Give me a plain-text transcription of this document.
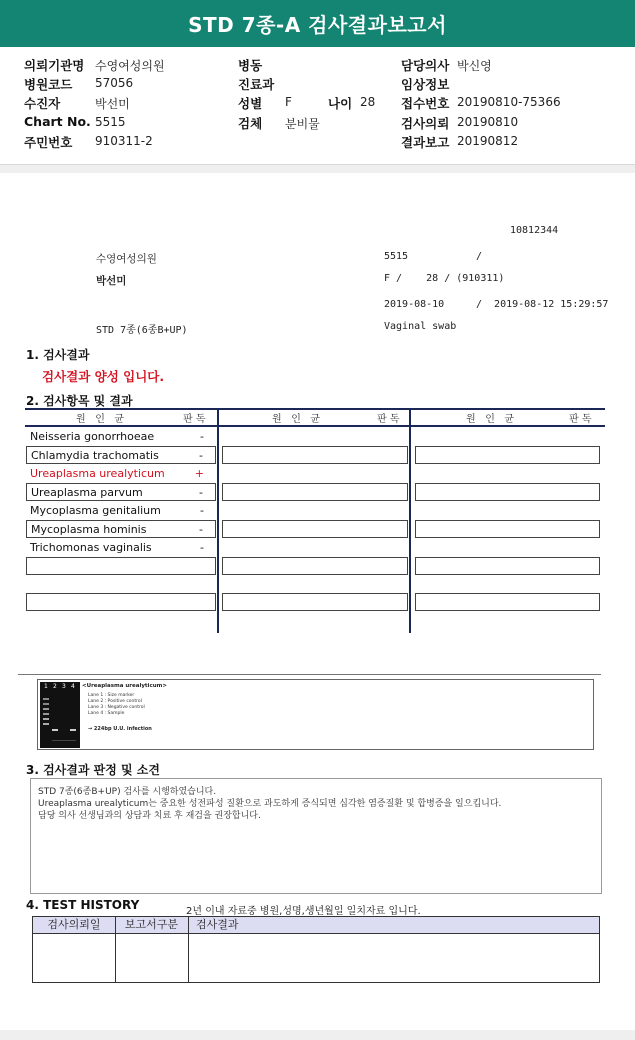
STD 7종-A 검사결과보고서
의뢰기관명 수영여성의원
병원코드 57056
수진자	박선미
Chart No. 5515
주민번호 910311-2
병동
진료과
성별 F	나이 28
검체 분비물
담당의사 박신영
임상정보
접수번호 20190810-75366
검사의뢰 20190810
결과보고 20190812
10812344
수영여성의원	5515	/
박선미	F /    28 / (910311)
2019-08-10	/  2019-08-12 15:29:57
STD 7종(6종B+UP)	Vaginal swab
1. 검사결과
검사결과 양성 입니다.
2. 검사항목 및 결과
원   인   균	판 독	원   인   균	판 독	원   인   균	판 독
Neisseria gonorrhoeae	-
Chlamydia trachomatis	-
Ureaplasma urealyticum	+
Ureaplasma parvum	-
Mycoplasma genitalium	-
Mycoplasma hominis	-
Trichomonas vaginalis	-
1 2 3 4 <Ureaplasma urealyticum>
Lane 1 : Size marker
Lane 2 : Positive control
Lane 3 : Negative control
Lane 4 : Sample
→ 224bp U.U. infection
3. 검사결과 판정 및 소견
STD 7종(6종B+UP) 검사를 시행하였습니다.
Ureaplasma urealyticum는 중요한 성전파성 질환으로 과도하게 증식되면 심각한 염증질환 및 합병증을 일으킵니다.
담당 의사 선생님과의 상담과 치료 후 재검을 권장합니다.
4. TEST HISTORY	2년 이내 자료중 병원,성명,생년월일 일치자료 입니다.
검사의뢰일	보고서구분	검사결과
